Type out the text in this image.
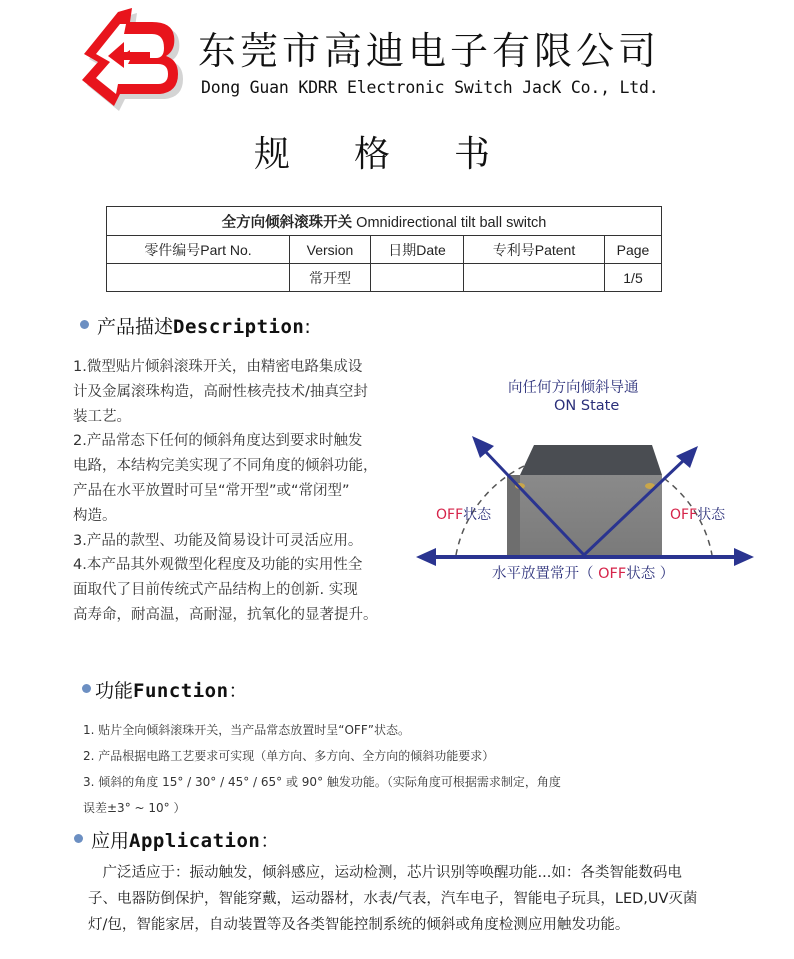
东莞市高迪电子有限公司
Dong Guan KDRR Electronic Switch JacK Co., Ltd.
规 格 书
全方向倾斜滚珠开关 Omnidirectional tilt ball switch				
零件编号Part No.	Version	日期Date	专利号Patent	Page
	常开型			1/5
产品描述Description:

1.微型贴片倾斜滚珠开关，由精密电路集成设

计及金属滚珠构造，高耐性核壳技术/抽真空封

装工艺。

2.产品常态下任何的倾斜角度达到要求时触发

电路，本结构完美实现了不同角度的倾斜功能，

产品在水平放置时可呈“常开型”或“常闭型”

构造。

3.产品的款型、功能及简易设计可灵活应用。

4.本产品其外观微型化程度及功能的实用性全

面取代了目前传统式产品结构上的创新. 实现

高寿命，耐高温，高耐湿，抗氧化的显著提升。

向任何方向倾斜导通
ON State
OFF状态	OFF状态
水平放置常开（ OFF状态 ）
功能Function：

1. 贴片全向倾斜滚珠开关，当产品常态放置时呈“OFF”状态。

2. 产品根据电路工艺要求可实现（单方向、多方向、全方向的倾斜功能要求）

3. 倾斜的角度 15° / 30° / 45° / 65° 或 90° 触发功能。（实际角度可根据需求制定，角度

误差±3° ~ 10° ）

应用Application：

广泛适应于：振动触发，倾斜感应，运动检测，芯片识别等唤醒功能...如：各类智能数码电子、电器防倒保护，智能穿戴，运动器材，水表/气表，汽车电子，智能电子玩具，LED,UV灭菌灯/包，智能家居，自动装置等及各类智能控制系统的倾斜或角度检测应用触发功能。
